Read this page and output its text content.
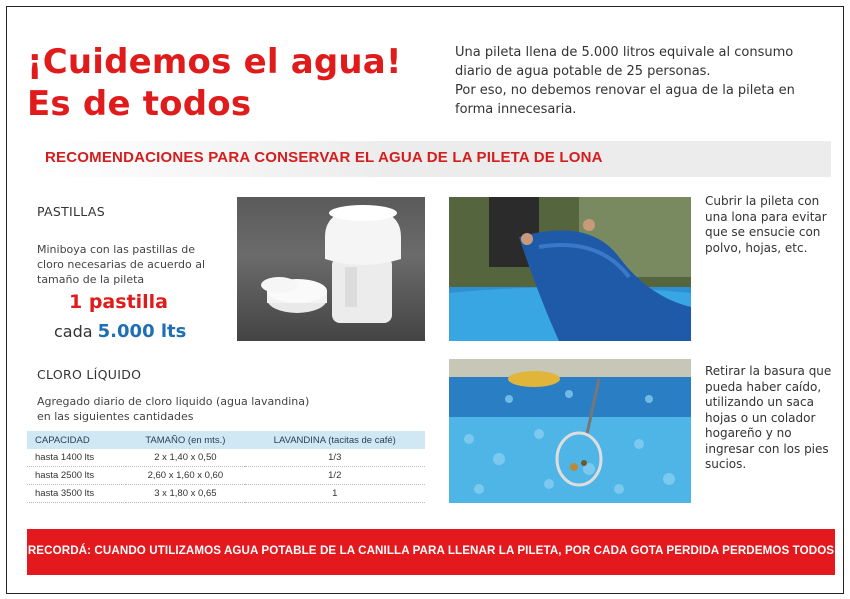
¡Cuidemos el agua!
Es de todos
Una pileta llena de 5.000 litros equivale al consumo
diario de agua potable de 25 personas.
Por eso, no debemos renovar el agua de la pileta en
forma innecesaria.
RECOMENDACIONES PARA CONSERVAR EL AGUA DE LA PILETA DE LONA
PASTILLAS
Miniboya con las pastillas de
cloro necesarias de acuerdo al
tamaño de la pileta
1 pastilla
cada 5.000 lts
CLORO LÍQUIDO
Agregado diario de cloro liquido (agua lavandina)
en las siguientes cantidades
CAPACIDAD	TAMAÑO (en mts.)	LAVANDINA (tacitas de café)
hasta 1400 lts	2 x 1,40 x 0,50	1/3
hasta 2500 lts	2,60 x 1,60 x 0,60	1/2
hasta 3500 lts	3 x 1,80 x 0,65	1
Cubrir la pileta con
una lona para evitar
que se ensucie con
polvo, hojas, etc.
Retirar la basura que
pueda haber caído,
utilizando un saca
hojas o un colador
hogareño y no
ingresar con los pies
sucios.
RECORDÁ: CUANDO UTILIZAMOS AGUA POTABLE DE LA CANILLA PARA LLENAR LA PILETA, POR CADA GOTA PERDIDA PERDEMOS TODOS
